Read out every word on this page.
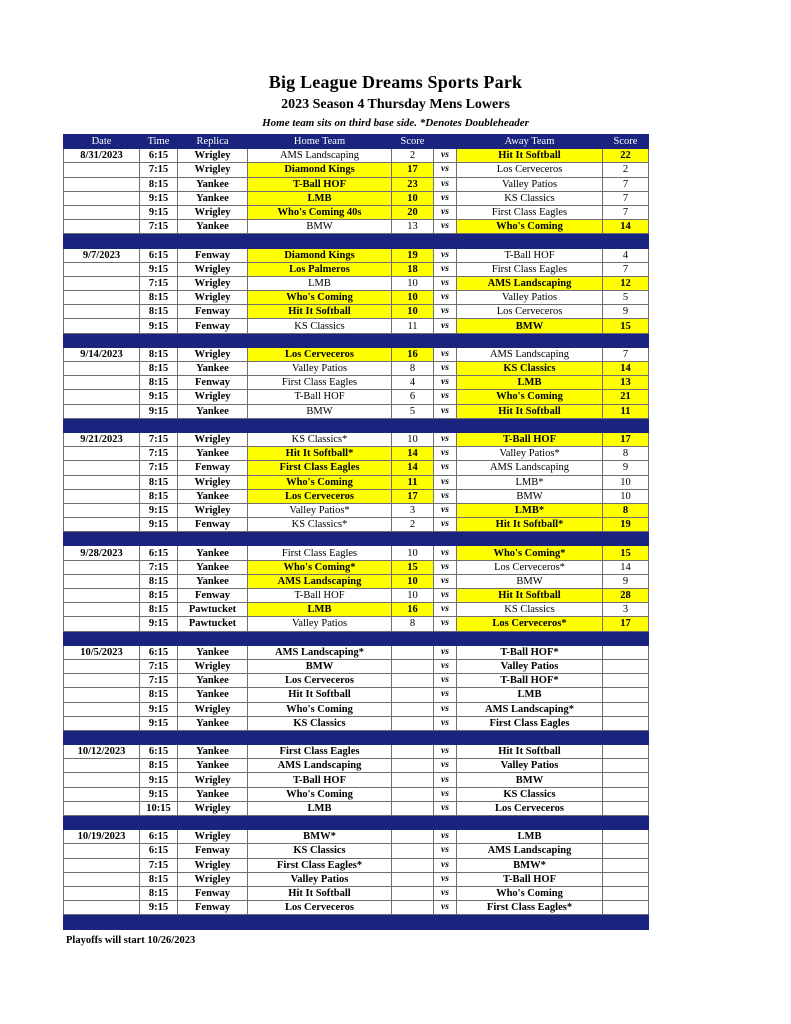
Big League Dreams Sports Park
2023 Season 4 Thursday Mens Lowers
Home team sits on third base side. *Denotes Doubleheader
Date	Time	Replica	Home Team	Score		Away Team	Score
8/31/2023	6:15	Wrigley	AMS Landscaping	2	vs	Hit It Softball	22
	7:15	Wrigley	Diamond Kings	17	vs	Los Cerveceros	2
	8:15	Yankee	T-Ball HOF	23	vs	Valley Patios	7
	9:15	Yankee	LMB	10	vs	KS Classics	7
	9:15	Wrigley	Who's Coming 40s	20	vs	First Class Eagles	7
	7:15	Yankee	BMW	13	vs	Who's Coming	14

9/7/2023	6:15	Fenway	Diamond Kings	19	vs	T-Ball HOF	4
	9:15	Wrigley	Los Palmeros	18	vs	First Class Eagles	7
	7:15	Wrigley	LMB	10	vs	AMS Landscaping	12
	8:15	Wrigley	Who's Coming	10	vs	Valley Patios	5
	8:15	Fenway	Hit It Softball	10	vs	Los Cerveceros	9
	9:15	Fenway	KS Classics	11	vs	BMW	15

9/14/2023	8:15	Wrigley	Los Cerveceros	16	vs	AMS Landscaping	7
	8:15	Yankee	Valley Patios	8	vs	KS Classics	14
	8:15	Fenway	First Class Eagles	4	vs	LMB	13
	9:15	Wrigley	T-Ball HOF	6	vs	Who's Coming	21
	9:15	Yankee	BMW	5	vs	Hit It Softball	11

9/21/2023	7:15	Wrigley	KS Classics*	10	vs	T-Ball HOF	17
	7:15	Yankee	Hit It Softball*	14	vs	Valley Patios*	8
	7:15	Fenway	First Class Eagles	14	vs	AMS Landscaping	9
	8:15	Wrigley	Who's Coming	11	vs	LMB*	10
	8:15	Yankee	Los Cerveceros	17	vs	BMW	10
	9:15	Wrigley	Valley Patios*	3	vs	LMB*	8
	9:15	Fenway	KS Classics*	2	vs	Hit It Softball*	19

9/28/2023	6:15	Yankee	First Class Eagles	10	vs	Who's Coming*	15
	7:15	Yankee	Who's Coming*	15	vs	Los Cerveceros*	14
	8:15	Yankee	AMS Landscaping	10	vs	BMW	9
	8:15	Fenway	T-Ball HOF	10	vs	Hit It Softball	28
	8:15	Pawtucket	LMB	16	vs	KS Classics	3
	9:15	Pawtucket	Valley Patios	8	vs	Los Cerveceros*	17

10/5/2023	6:15	Yankee	AMS Landscaping*		vs	T-Ball HOF*	
	7:15	Wrigley	BMW		vs	Valley Patios	
	7:15	Yankee	Los Cerveceros		vs	T-Ball HOF*	
	8:15	Yankee	Hit It Softball		vs	LMB	
	9:15	Wrigley	Who's Coming		vs	AMS Landscaping*	
	9:15	Yankee	KS Classics		vs	First Class Eagles	

10/12/2023	6:15	Yankee	First Class Eagles		vs	Hit It Softball	
	8:15	Yankee	AMS Landscaping		vs	Valley Patios	
	9:15	Wrigley	T-Ball HOF		vs	BMW	
	9:15	Yankee	Who's Coming		vs	KS Classics	
	10:15	Wrigley	LMB		vs	Los Cerveceros	

10/19/2023	6:15	Wrigley	BMW*		vs	LMB	
	6:15	Fenway	KS Classics		vs	AMS Landscaping	
	7:15	Wrigley	First Class Eagles*		vs	BMW*	
	8:15	Wrigley	Valley Patios		vs	T-Ball HOF	
	8:15	Fenway	Hit It Softball		vs	Who's Coming	
	9:15	Fenway	Los Cerveceros		vs	First Class Eagles*	

Playoffs will start 10/26/2023
